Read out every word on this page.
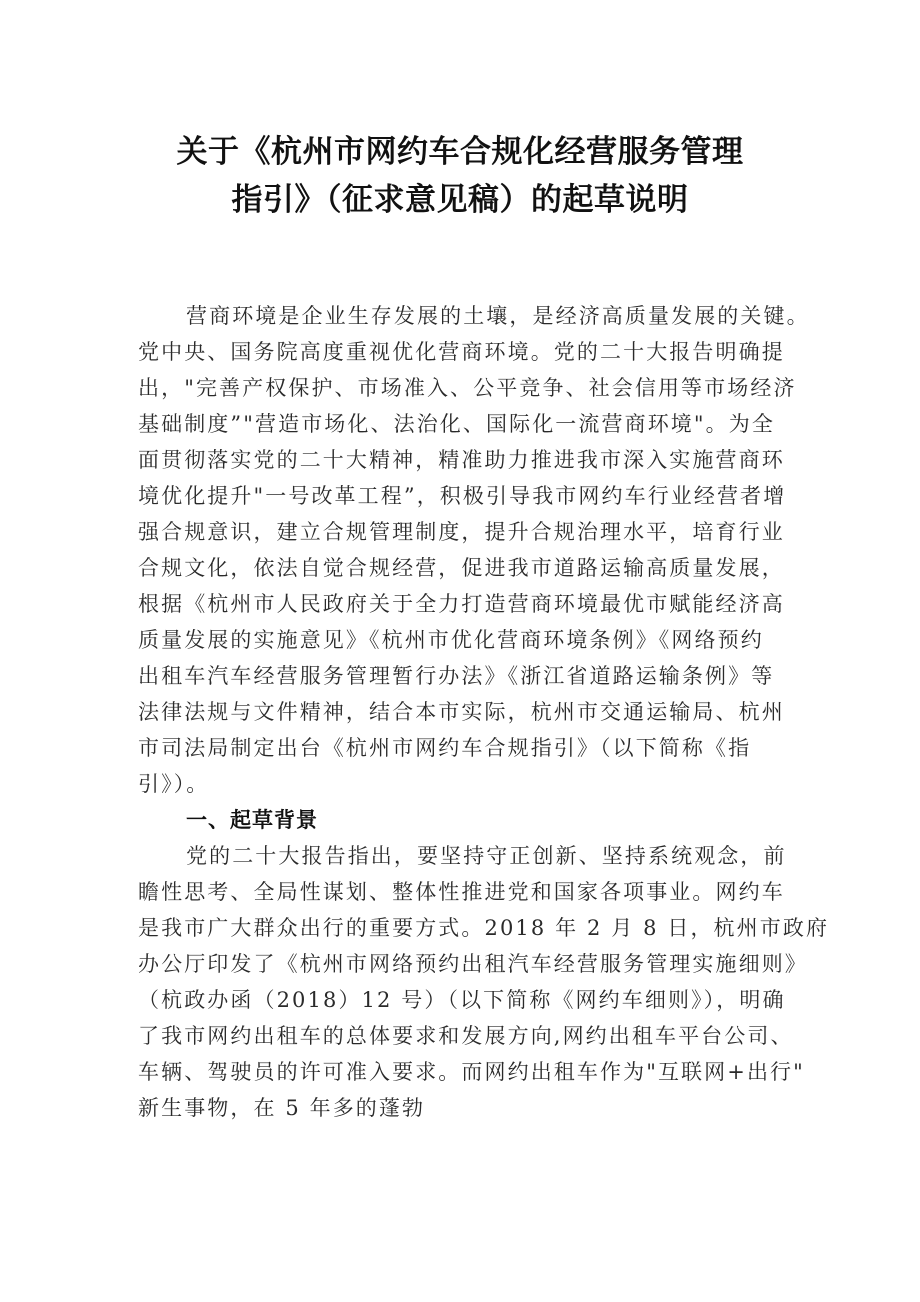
关于《杭州市网约车合规化经营服务管理
指引》（征求意见稿）的起草说明
营商环境是企业生存发展的土壤，是经济高质量发展的关键。
党中央、国务院高度重视优化营商环境。党的二十大报告明确提
出，"完善产权保护、市场准入、公平竞争、社会信用等市场经济
基础制度”"营造市场化、法治化、国际化一流营商环境"。为全
面贯彻落实党的二十大精神，精准助力推进我市深入实施营商环
境优化提升"一号改革工程”，积极引导我市网约车行业经营者增
强合规意识，建立合规管理制度，提升合规治理水平，培育行业
合规文化，依法自觉合规经营，促进我市道路运输高质量发展，
根据《杭州市人民政府关于全力打造营商环境最优市赋能经济高
质量发展的实施意见》《杭州市优化营商环境条例》《网络预约
出租车汽车经营服务管理暂行办法》《浙江省道路运输条例》等
法律法规与文件精神，结合本市实际，杭州市交通运输局、杭州
市司法局制定出台《杭州市网约车合规指引》（以下简称《指
引》）。
一、起草背景
党的二十大报告指出，要坚持守正创新、坚持系统观念，前
瞻性思考、全局性谋划、整体性推进党和国家各项事业。网约车
是我市广大群众出行的重要方式。2018 年 2 月 8 日，杭州市政府
办公厅印发了《杭州市网络预约出租汽车经营服务管理实施细则》
（杭政办函（2018）12 号）（以下简称《网约车细则》），明确
了我市网约出租车的总体要求和发展方向,网约出租车平台公司、
车辆、驾驶员的许可准入要求。而网约出租车作为"互联网+出行"
新生事物，在 5 年多的蓬勃
